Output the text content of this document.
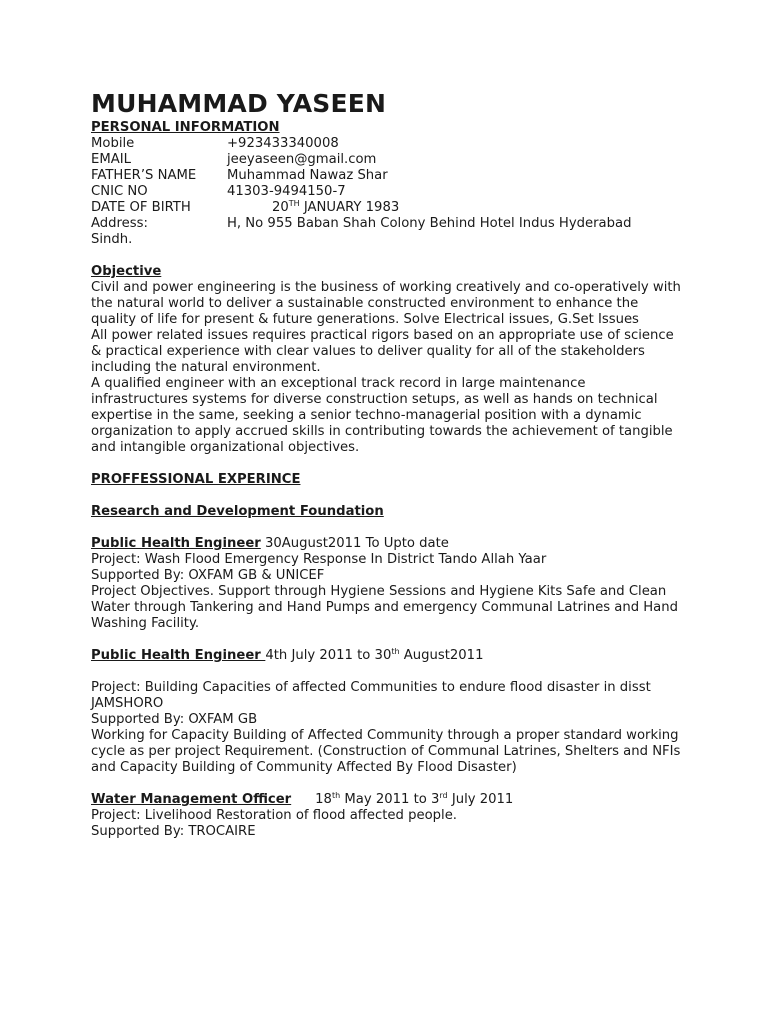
MUHAMMAD YASEEN
PERSONAL INFORMATION
Mobile	+923433340008
EMAIL	jeeyaseen@gmail.com
FATHER’S NAME	Muhammad Nawaz Shar
CNIC NO	41303-9494150-7
DATE OF BIRTH	20TH JANUARY 1983
Address:	H, No 955 Baban Shah Colony Behind Hotel Indus Hyderabad
Sindh.
Objective

Civil and power engineering is the business of working creatively and co-operatively with the natural world to deliver a sustainable constructed environment to enhance the quality of life for present & future generations. Solve Electrical issues, G.Set Issues

All power related issues requires practical rigors based on an appropriate use of science & practical experience with clear values to deliver quality for all of the stakeholders including the natural environment.

A qualified engineer with an exceptional track record in large maintenance infrastructures systems for diverse construction setups, as well as hands on technical expertise in the same, seeking a senior techno-managerial position with a dynamic organization to apply accrued skills in contributing towards the achievement of tangible and intangible organizational objectives.

PROFFESSIONAL EXPERINCE
Research and Development Foundation
Public Health Engineer 30August2011 To Upto date

Project: Wash Flood Emergency Response In District Tando Allah Yaar

Supported By: OXFAM GB & UNICEF

Project Objectives. Support through Hygiene Sessions and Hygiene Kits Safe and Clean Water through Tankering and Hand Pumps and emergency Communal Latrines and Hand Washing Facility.

Public Health Engineer 4th July 2011 to 30th August2011

Project: Building Capacities of affected Communities to endure flood disaster in disst JAMSHORO

Supported By: OXFAM GB

Working for Capacity Building of Affected Community through a proper standard working cycle as per project Requirement. (Construction of Communal Latrines, Shelters and NFIs and Capacity Building of Community Affected By Flood Disaster)

Water Management Officer 18th May 2011 to 3rd July 2011

Project: Livelihood Restoration of flood affected people.

Supported By: TROCAIRE
